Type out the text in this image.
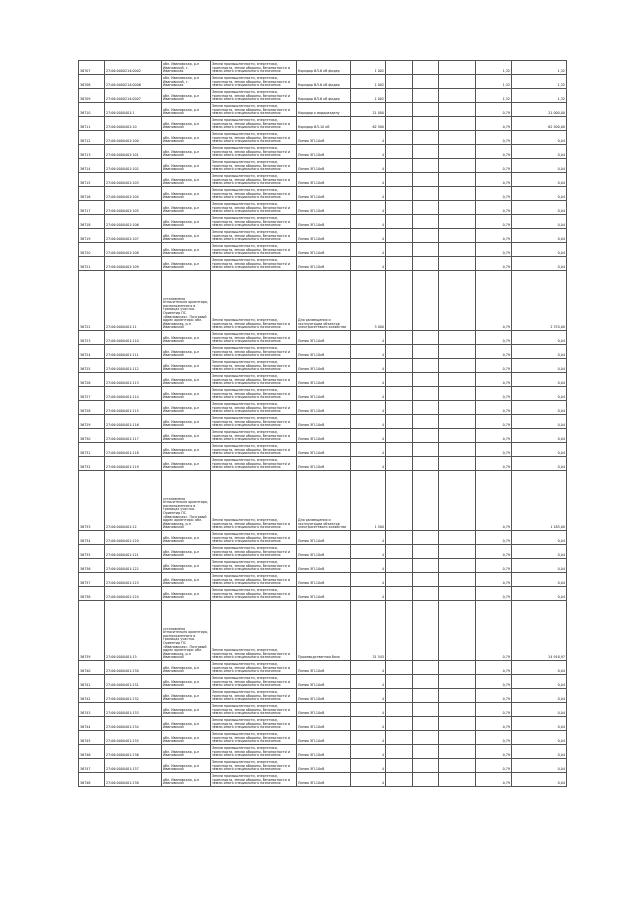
36707	27:06:0000214:0002	обл. Ивановская, р-н Ивановский, г. Ивановская	Земли промышленности, энергетики, транспорта, земли обороны, безопасности и земли иного специального назначения	Коридор ВЛ-6 кВ фидер	1 002				1,32	1,32
36708	27:06:0000214:0006	обл. Ивановская, р-н Ивановский, г. Ивановская	Земли промышленности, энергетики, транспорта, земли обороны, безопасности и земли иного специального назначения	Коридор ВЛ-6 кВ фидер	1 002				1,32	1,32
36709	27:06:0000214:0007	обл. Ивановская, р-н Ивановский	Земли промышленности, энергетики, транспорта, земли обороны, безопасности и земли иного специального назначения	Коридор ВЛ-6 кВ фидер	1 002				1,32	1,32
36710	27:06:0000401:1	обл. Ивановская, р-н Ивановский	Земли промышленности, энергетики, транспорта, земли обороны, безопасности и земли иного специального назначения	Коридор к водоразделу	21 000				0,79	21 000,00
36711	27:06:0000401:10	обл. Ивановская, р-н Ивановский	Земли промышленности, энергетики, транспорта, земли обороны, безопасности и земли иного специального назначения	Коридор ВЛ-10 кВ	62 500				0,79	62 500,00
36712	27:06:0000401:100	обл. Ивановская, р-н Ивановский	Земли промышленности, энергетики, транспорта, земли обороны, безопасности и земли иного специального назначения	Линия ЭП-10кВ	4				0,79	0,04
36713	27:06:0000401:101	обл. Ивановская, р-н Ивановский	Земли промышленности, энергетики, транспорта, земли обороны, безопасности и земли иного специального назначения	Линия ЭП-10кВ	4				0,79	0,04
36714	27:06:0000401:102	обл. Ивановская, р-н Ивановский	Земли промышленности, энергетики, транспорта, земли обороны, безопасности и земли иного специального назначения	Линия ЭП-10кВ	4				0,79	0,04
36715	27:06:0000401:103	обл. Ивановская, р-н Ивановский	Земли промышленности, энергетики, транспорта, земли обороны, безопасности и земли иного специального назначения	Линия ЭП-10кВ	4				0,79	0,04
36716	27:06:0000401:104	обл. Ивановская, р-н Ивановский	Земли промышленности, энергетики, транспорта, земли обороны, безопасности и земли иного специального назначения	Линия ЭП-10кВ	4				0,79	0,04
36717	27:06:0000401:105	обл. Ивановская, р-н Ивановский	Земли промышленности, энергетики, транспорта, земли обороны, безопасности и земли иного специального назначения	Линия ЭП-10кВ	4				0,79	0,04
36718	27:06:0000401:106	обл. Ивановская, р-н Ивановский	Земли промышленности, энергетики, транспорта, земли обороны, безопасности и земли иного специального назначения	Линия ЭП-10кВ	4				0,79	0,04
36719	27:06:0000401:107	обл. Ивановская, р-н Ивановский	Земли промышленности, энергетики, транспорта, земли обороны, безопасности и земли иного специального назначения	Линия ЭП-10кВ	4				0,79	0,04
36720	27:06:0000401:108	обл. Ивановская, р-н Ивановский	Земли промышленности, энергетики, транспорта, земли обороны, безопасности и земли иного специального назначения	Линия ЭП-10кВ	4				0,79	0,04
36721	27:06:0000401:109	обл. Ивановская, р-н Ивановский	Земли промышленности, энергетики, транспорта, земли обороны, безопасности и земли иного специального назначения	Линия ЭП-10кВ	4				0,79	0,04
36722	27:06:0000401:11	установлено относительно ориентира, расположенного в границах участка. Ориентир ПС «Ивановская». Почтовый адрес ориентира: обл. Ивановская, р-н Ивановский	Земли промышленности, энергетики, транспорта, земли обороны, безопасности и земли иного специального назначения	Для размещения и эксплуатации объектов электросетевого хозяйства	3 000				0,79	2 370,00
36723	27:06:0000401:110	обл. Ивановская, р-н Ивановский	Земли промышленности, энергетики, транспорта, земли обороны, безопасности и земли иного специального назначения	Линия ЭП-10кВ	4				0,79	0,04
36724	27:06:0000401:111	обл. Ивановская, р-н Ивановский	Земли промышленности, энергетики, транспорта, земли обороны, безопасности и земли иного специального назначения	Линия ЭП-10кВ	4				0,79	0,04
36725	27:06:0000401:112	обл. Ивановская, р-н Ивановский	Земли промышленности, энергетики, транспорта, земли обороны, безопасности и земли иного специального назначения	Линия ЭП-10кВ	4				0,79	0,04
36726	27:06:0000401:113	обл. Ивановская, р-н Ивановский	Земли промышленности, энергетики, транспорта, земли обороны, безопасности и земли иного специального назначения	Линия ЭП-10кВ	4				0,79	0,04
36727	27:06:0000401:114	обл. Ивановская, р-н Ивановский	Земли промышленности, энергетики, транспорта, земли обороны, безопасности и земли иного специального назначения	Линия ЭП-10кВ	4				0,79	0,04
36728	27:06:0000401:115	обл. Ивановская, р-н Ивановский	Земли промышленности, энергетики, транспорта, земли обороны, безопасности и земли иного специального назначения	Линия ЭП-10кВ	4				0,79	0,04
36729	27:06:0000401:116	обл. Ивановская, р-н Ивановский	Земли промышленности, энергетики, транспорта, земли обороны, безопасности и земли иного специального назначения	Линия ЭП-10кВ	4				0,79	0,04
36730	27:06:0000401:117	обл. Ивановская, р-н Ивановский	Земли промышленности, энергетики, транспорта, земли обороны, безопасности и земли иного специального назначения	Линия ЭП-10кВ	4				0,79	0,04
36731	27:06:0000401:118	обл. Ивановская, р-н Ивановский	Земли промышленности, энергетики, транспорта, земли обороны, безопасности и земли иного специального назначения	Линия ЭП-10кВ	4				0,79	0,04
36732	27:06:0000401:119	обл. Ивановская, р-н Ивановский	Земли промышленности, энергетики, транспорта, земли обороны, безопасности и земли иного специального назначения	Линия ЭП-10кВ	4				0,79	0,04
36733	27:06:0000401:12	установлено относительно ориентира, расположенного в границах участка. Ориентир ПС «Ивановская». Почтовый адрес ориентира: обл. Ивановская, р-н Ивановский	Земли промышленности, энергетики, транспорта, земли обороны, безопасности и земли иного специального назначения	Для размещения и эксплуатации объектов электросетевого хозяйства	1 500				0,79	1 185,00
36734	27:06:0000401:120	обл. Ивановская, р-н Ивановский	Земли промышленности, энергетики, транспорта, земли обороны, безопасности и земли иного специального назначения	Линия ЭП-10кВ	4				0,79	0,04
36735	27:06:0000401:121	обл. Ивановская, р-н Ивановский	Земли промышленности, энергетики, транспорта, земли обороны, безопасности и земли иного специального назначения	Линия ЭП-10кВ	4				0,79	0,04
36736	27:06:0000401:122	обл. Ивановская, р-н Ивановский	Земли промышленности, энергетики, транспорта, земли обороны, безопасности и земли иного специального назначения	Линия ЭП-10кВ	4				0,79	0,04
36737	27:06:0000401:123	обл. Ивановская, р-н Ивановский	Земли промышленности, энергетики, транспорта, земли обороны, безопасности и земли иного специального назначения	Линия ЭП-10кВ	4				0,79	0,04
36738	27:06:0000401:124	обл. Ивановская, р-н Ивановский	Земли промышленности, энергетики, транспорта, земли обороны, безопасности и земли иного специального назначения	Линия ЭП-10кВ	4				0,79	0,04
36739	27:06:0000401:13	установлено относительно ориентира, расположенного в границах участка. Ориентир ПС «Ивановская». Почтовый адрес ориентира: обл. Ивановская, р-н Ивановский	Земли промышленности, энергетики, транспорта, земли обороны, безопасности и земли иного специального назначения	Производственная база	31 543				0,79	24 918,97
36740	27:06:0000401:130	обл. Ивановская, р-н Ивановский	Земли промышленности, энергетики, транспорта, земли обороны, безопасности и земли иного специального назначения	Линия ЭП-10кВ	4				0,79	0,04
36741	27:06:0000401:131	обл. Ивановская, р-н Ивановский	Земли промышленности, энергетики, транспорта, земли обороны, безопасности и земли иного специального назначения	Линия ЭП-10кВ	4				0,79	0,04
36742	27:06:0000401:132	обл. Ивановская, р-н Ивановский	Земли промышленности, энергетики, транспорта, земли обороны, безопасности и земли иного специального назначения	Линия ЭП-10кВ	4				0,79	0,04
36743	27:06:0000401:133	обл. Ивановская, р-н Ивановский	Земли промышленности, энергетики, транспорта, земли обороны, безопасности и земли иного специального назначения	Линия ЭП-10кВ	4				0,79	0,04
36744	27:06:0000401:134	обл. Ивановская, р-н Ивановский	Земли промышленности, энергетики, транспорта, земли обороны, безопасности и земли иного специального назначения	Линия ЭП-10кВ	4				0,79	0,04
36745	27:06:0000401:135	обл. Ивановская, р-н Ивановский	Земли промышленности, энергетики, транспорта, земли обороны, безопасности и земли иного специального назначения	Линия ЭП-10кВ	4				0,79	0,04
36746	27:06:0000401:136	обл. Ивановская, р-н Ивановский	Земли промышленности, энергетики, транспорта, земли обороны, безопасности и земли иного специального назначения	Линия ЭП-10кВ	4				0,79	0,04
36747	27:06:0000401:137	обл. Ивановская, р-н Ивановский	Земли промышленности, энергетики, транспорта, земли обороны, безопасности и земли иного специального назначения	Линия ЭП-10кВ	4				0,79	0,04
36748	27:06:0000401:138	обл. Ивановская, р-н Ивановский	Земли промышленности, энергетики, транспорта, земли обороны, безопасности и земли иного специального назначения	Линия ЭП-10кВ	4				0,79	0,04
